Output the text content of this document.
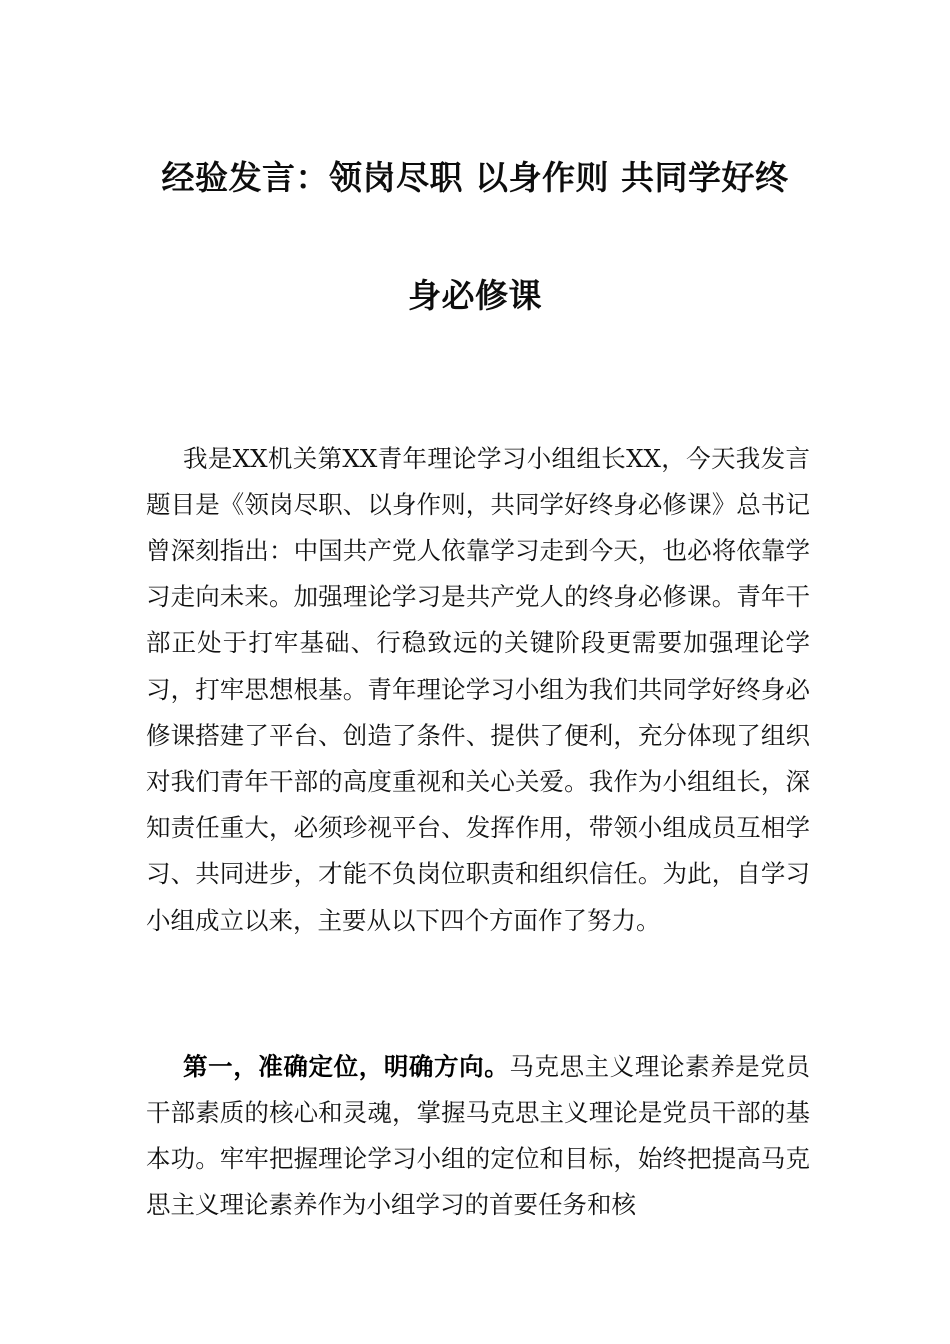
经验发言：领岗尽职 以身作则 共同学好终
身必修课

我是XX机关第XX青年理论学习小组组长XX，今天我发言题目是《领岗尽职、以身作则，共同学好终身必修课》总书记曾深刻指出：中国共产党人依靠学习走到今天，也必将依靠学习走向未来。加强理论学习是共产党人的终身必修课。青年干部正处于打牢基础、行稳致远的关键阶段更需要加强理论学习，打牢思想根基。青年理论学习小组为我们共同学好终身必修课搭建了平台、创造了条件、提供了便利，充分体现了组织对我们青年干部的高度重视和关心关爱。我作为小组组长，深知责任重大，必须珍视平台、发挥作用，带领小组成员互相学习、共同进步，才能不负岗位职责和组织信任。为此，自学习小组成立以来，主要从以下四个方面作了努力。

第一，准确定位，明确方向。马克思主义理论素养是党员干部素质的核心和灵魂，掌握马克思主义理论是党员干部的基本功。牢牢把握理论学习小组的定位和目标，始终把提高马克思主义理论素养作为小组学习的首要任务和核
